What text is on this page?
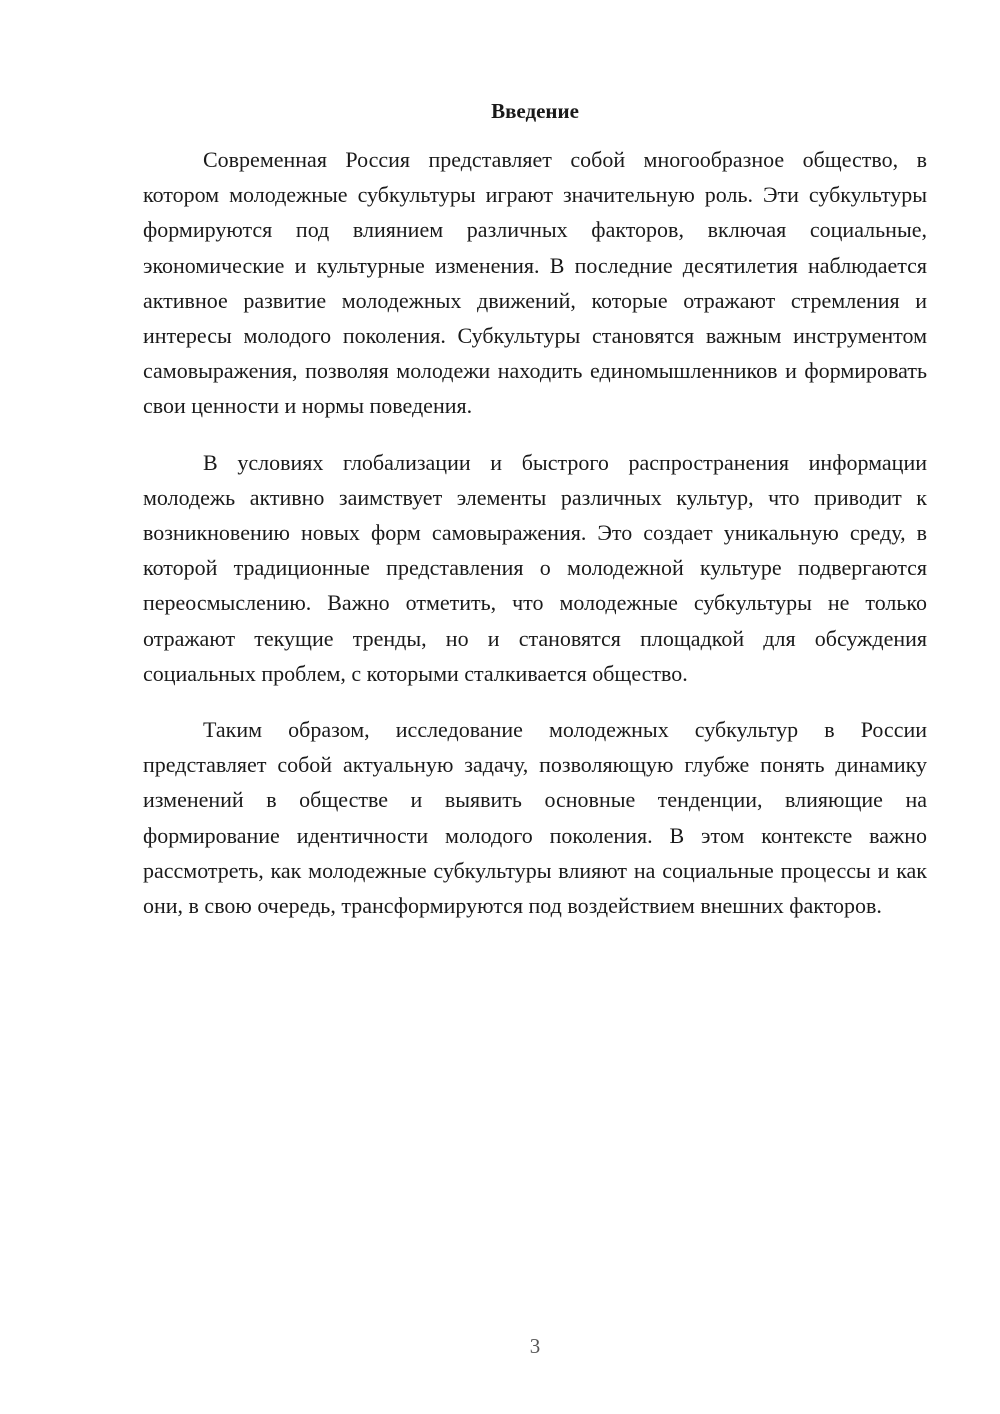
Введение

Современная Россия представляет собой многообразное общество, в котором молодежные субкультуры играют значительную роль. Эти субкультуры формируются под влиянием различных факторов, включая социальные, экономические и культурные изменения. В последние десятилетия наблюдается активное развитие молодежных движений, которые отражают стремления и интересы молодого поколения. Субкультуры становятся важным инструментом самовыражения, позволяя молодежи находить единомышленников и формировать свои ценности и нормы поведения.

В условиях глобализации и быстрого распространения информации молодежь активно заимствует элементы различных культур, что приводит к возникновению новых форм самовыражения. Это создает уникальную среду, в которой традиционные представления о молодежной культуре подвергаются переосмыслению. Важно отметить, что молодежные субкультуры не только отражают текущие тренды, но и становятся площадкой для обсуждения социальных проблем, с которыми сталкивается общество.

Таким образом, исследование молодежных субкультур в России представляет собой актуальную задачу, позволяющую глубже понять динамику изменений в обществе и выявить основные тенденции, влияющие на формирование идентичности молодого поколения. В этом контексте важно рассмотреть, как молодежные субкультуры влияют на социальные процессы и как они, в свою очередь, трансформируются под воздействием внешних факторов.

3
